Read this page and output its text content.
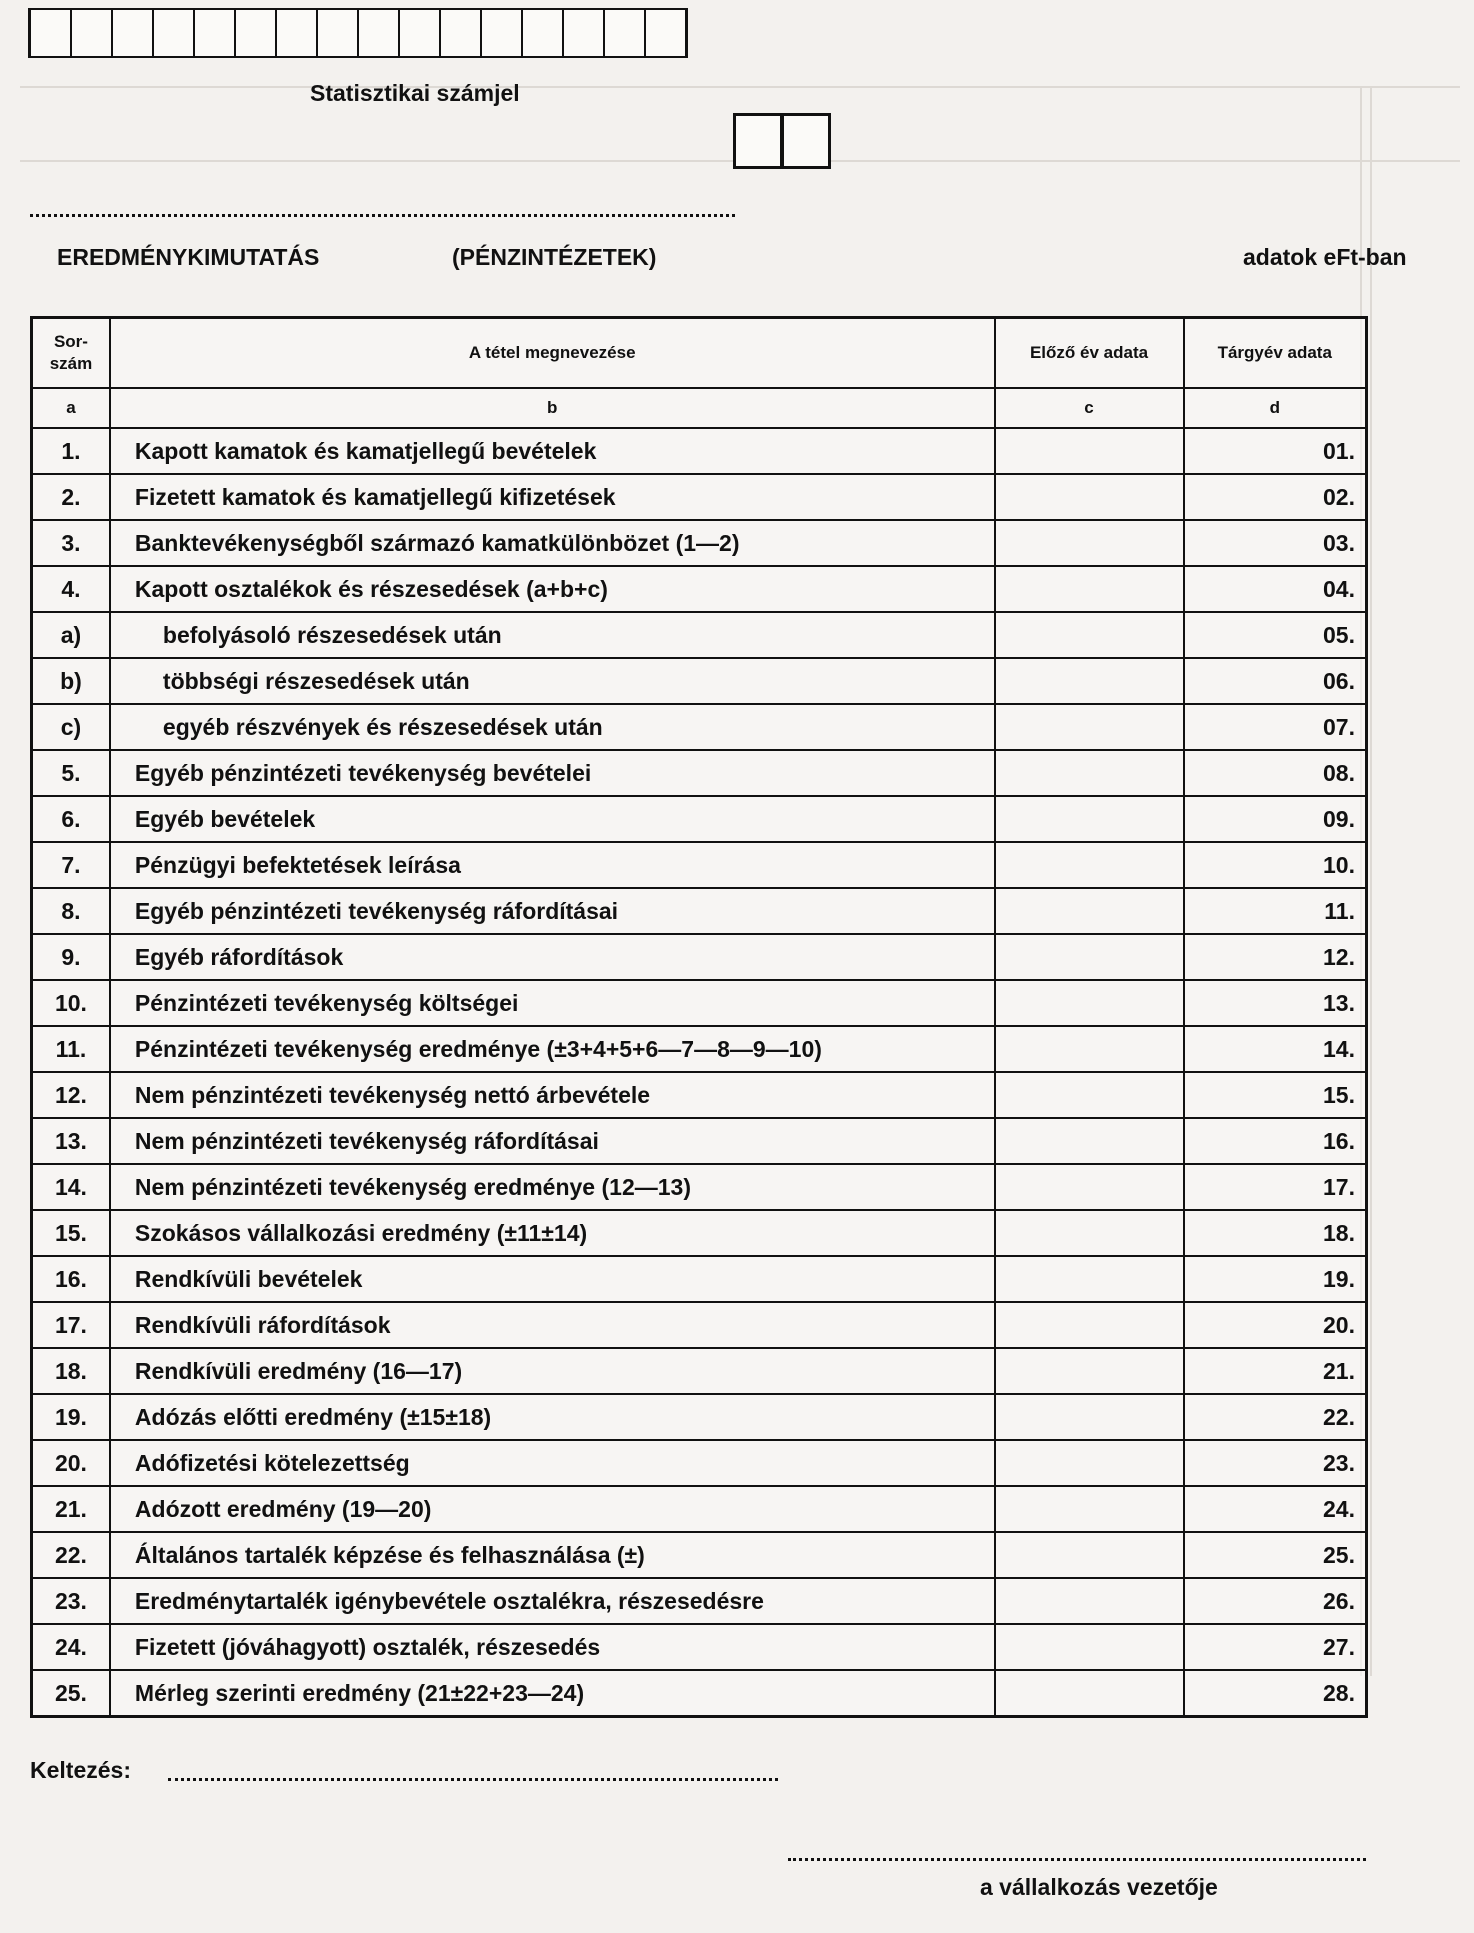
Statisztikai számjel
EREDMÉNYKIMUTATÁS	(PÉNZINTÉZETEK)	adatok eFt-ban
Sor-
szám	A tétel megnevezése	Előző év adata	Tárgyév adata
a	b	c	d
1.	Kapott kamatok és kamatjellegű bevételek		01.
2.	Fizetett kamatok és kamatjellegű kifizetések		02.
3.	Banktevékenységből származó kamatkülönbözet (1—2)		03.
4.	Kapott osztalékok és részesedések (a+b+c)		04.
a)	befolyásoló részesedések után		05.
b)	többségi részesedések után		06.
c)	egyéb részvények és részesedések után		07.
5.	Egyéb pénzintézeti tevékenység bevételei		08.
6.	Egyéb bevételek		09.
7.	Pénzügyi befektetések leírása		10.
8.	Egyéb pénzintézeti tevékenység ráfordításai		11.
9.	Egyéb ráfordítások		12.
10.	Pénzintézeti tevékenység költségei		13.
11.	Pénzintézeti tevékenység eredménye (±3+4+5+6—7—8—9—10)		14.
12.	Nem pénzintézeti tevékenység nettó árbevétele		15.
13.	Nem pénzintézeti tevékenység ráfordításai		16.
14.	Nem pénzintézeti tevékenység eredménye (12—13)		17.
15.	Szokásos vállalkozási eredmény (±11±14)		18.
16.	Rendkívüli bevételek		19.
17.	Rendkívüli ráfordítások		20.
18.	Rendkívüli eredmény (16—17)		21.
19.	Adózás előtti eredmény (±15±18)		22.
20.	Adófizetési kötelezettség		23.
21.	Adózott eredmény (19—20)		24.
22.	Általános tartalék képzése és felhasználása (±)		25.
23.	Eredménytartalék igénybevétele osztalékra, részesedésre		26.
24.	Fizetett (jóváhagyott) osztalék, részesedés		27.
25.	Mérleg szerinti eredmény (21±22+23—24)		28.
Keltezés:
a vállalkozás vezetője
